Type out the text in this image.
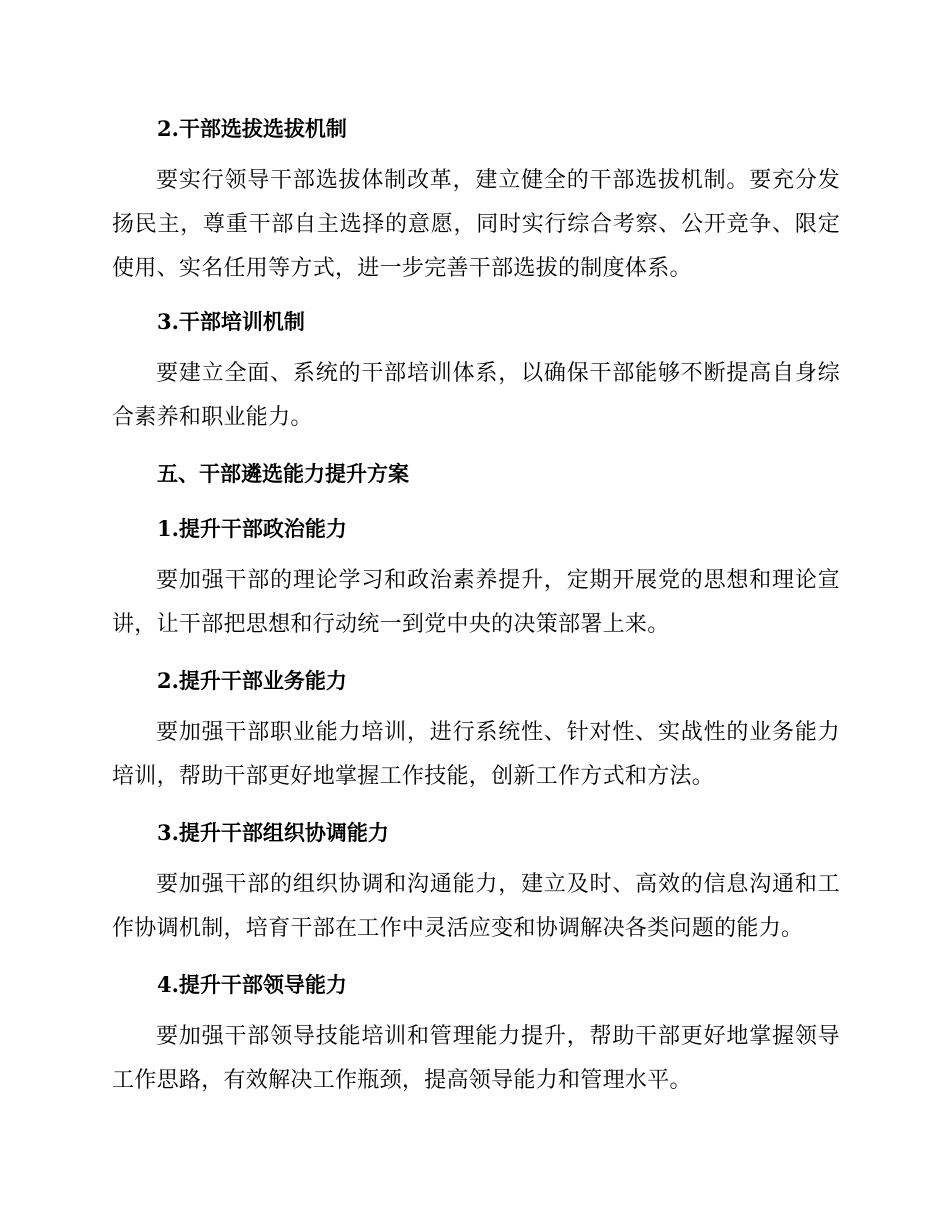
2.干部选拔选拔机制
要实行领导干部选拔体制改革，建立健全的干部选拔机制。要充分发扬民主，尊重干部自主选择的意愿，同时实行综合考察、公开竞争、限定使用、实名任用等方式，进一步完善干部选拔的制度体系。
3.干部培训机制
要建立全面、系统的干部培训体系，以确保干部能够不断提高自身综合素养和职业能力。
五、干部遴选能力提升方案
1.提升干部政治能力
要加强干部的理论学习和政治素养提升，定期开展党的思想和理论宣讲，让干部把思想和行动统一到党中央的决策部署上来。
2.提升干部业务能力
要加强干部职业能力培训，进行系统性、针对性、实战性的业务能力培训，帮助干部更好地掌握工作技能，创新工作方式和方法。
3.提升干部组织协调能力
要加强干部的组织协调和沟通能力，建立及时、高效的信息沟通和工作协调机制，培育干部在工作中灵活应变和协调解决各类问题的能力。
4.提升干部领导能力
要加强干部领导技能培训和管理能力提升，帮助干部更好地掌握领导工作思路，有效解决工作瓶颈，提高领导能力和管理水平。
